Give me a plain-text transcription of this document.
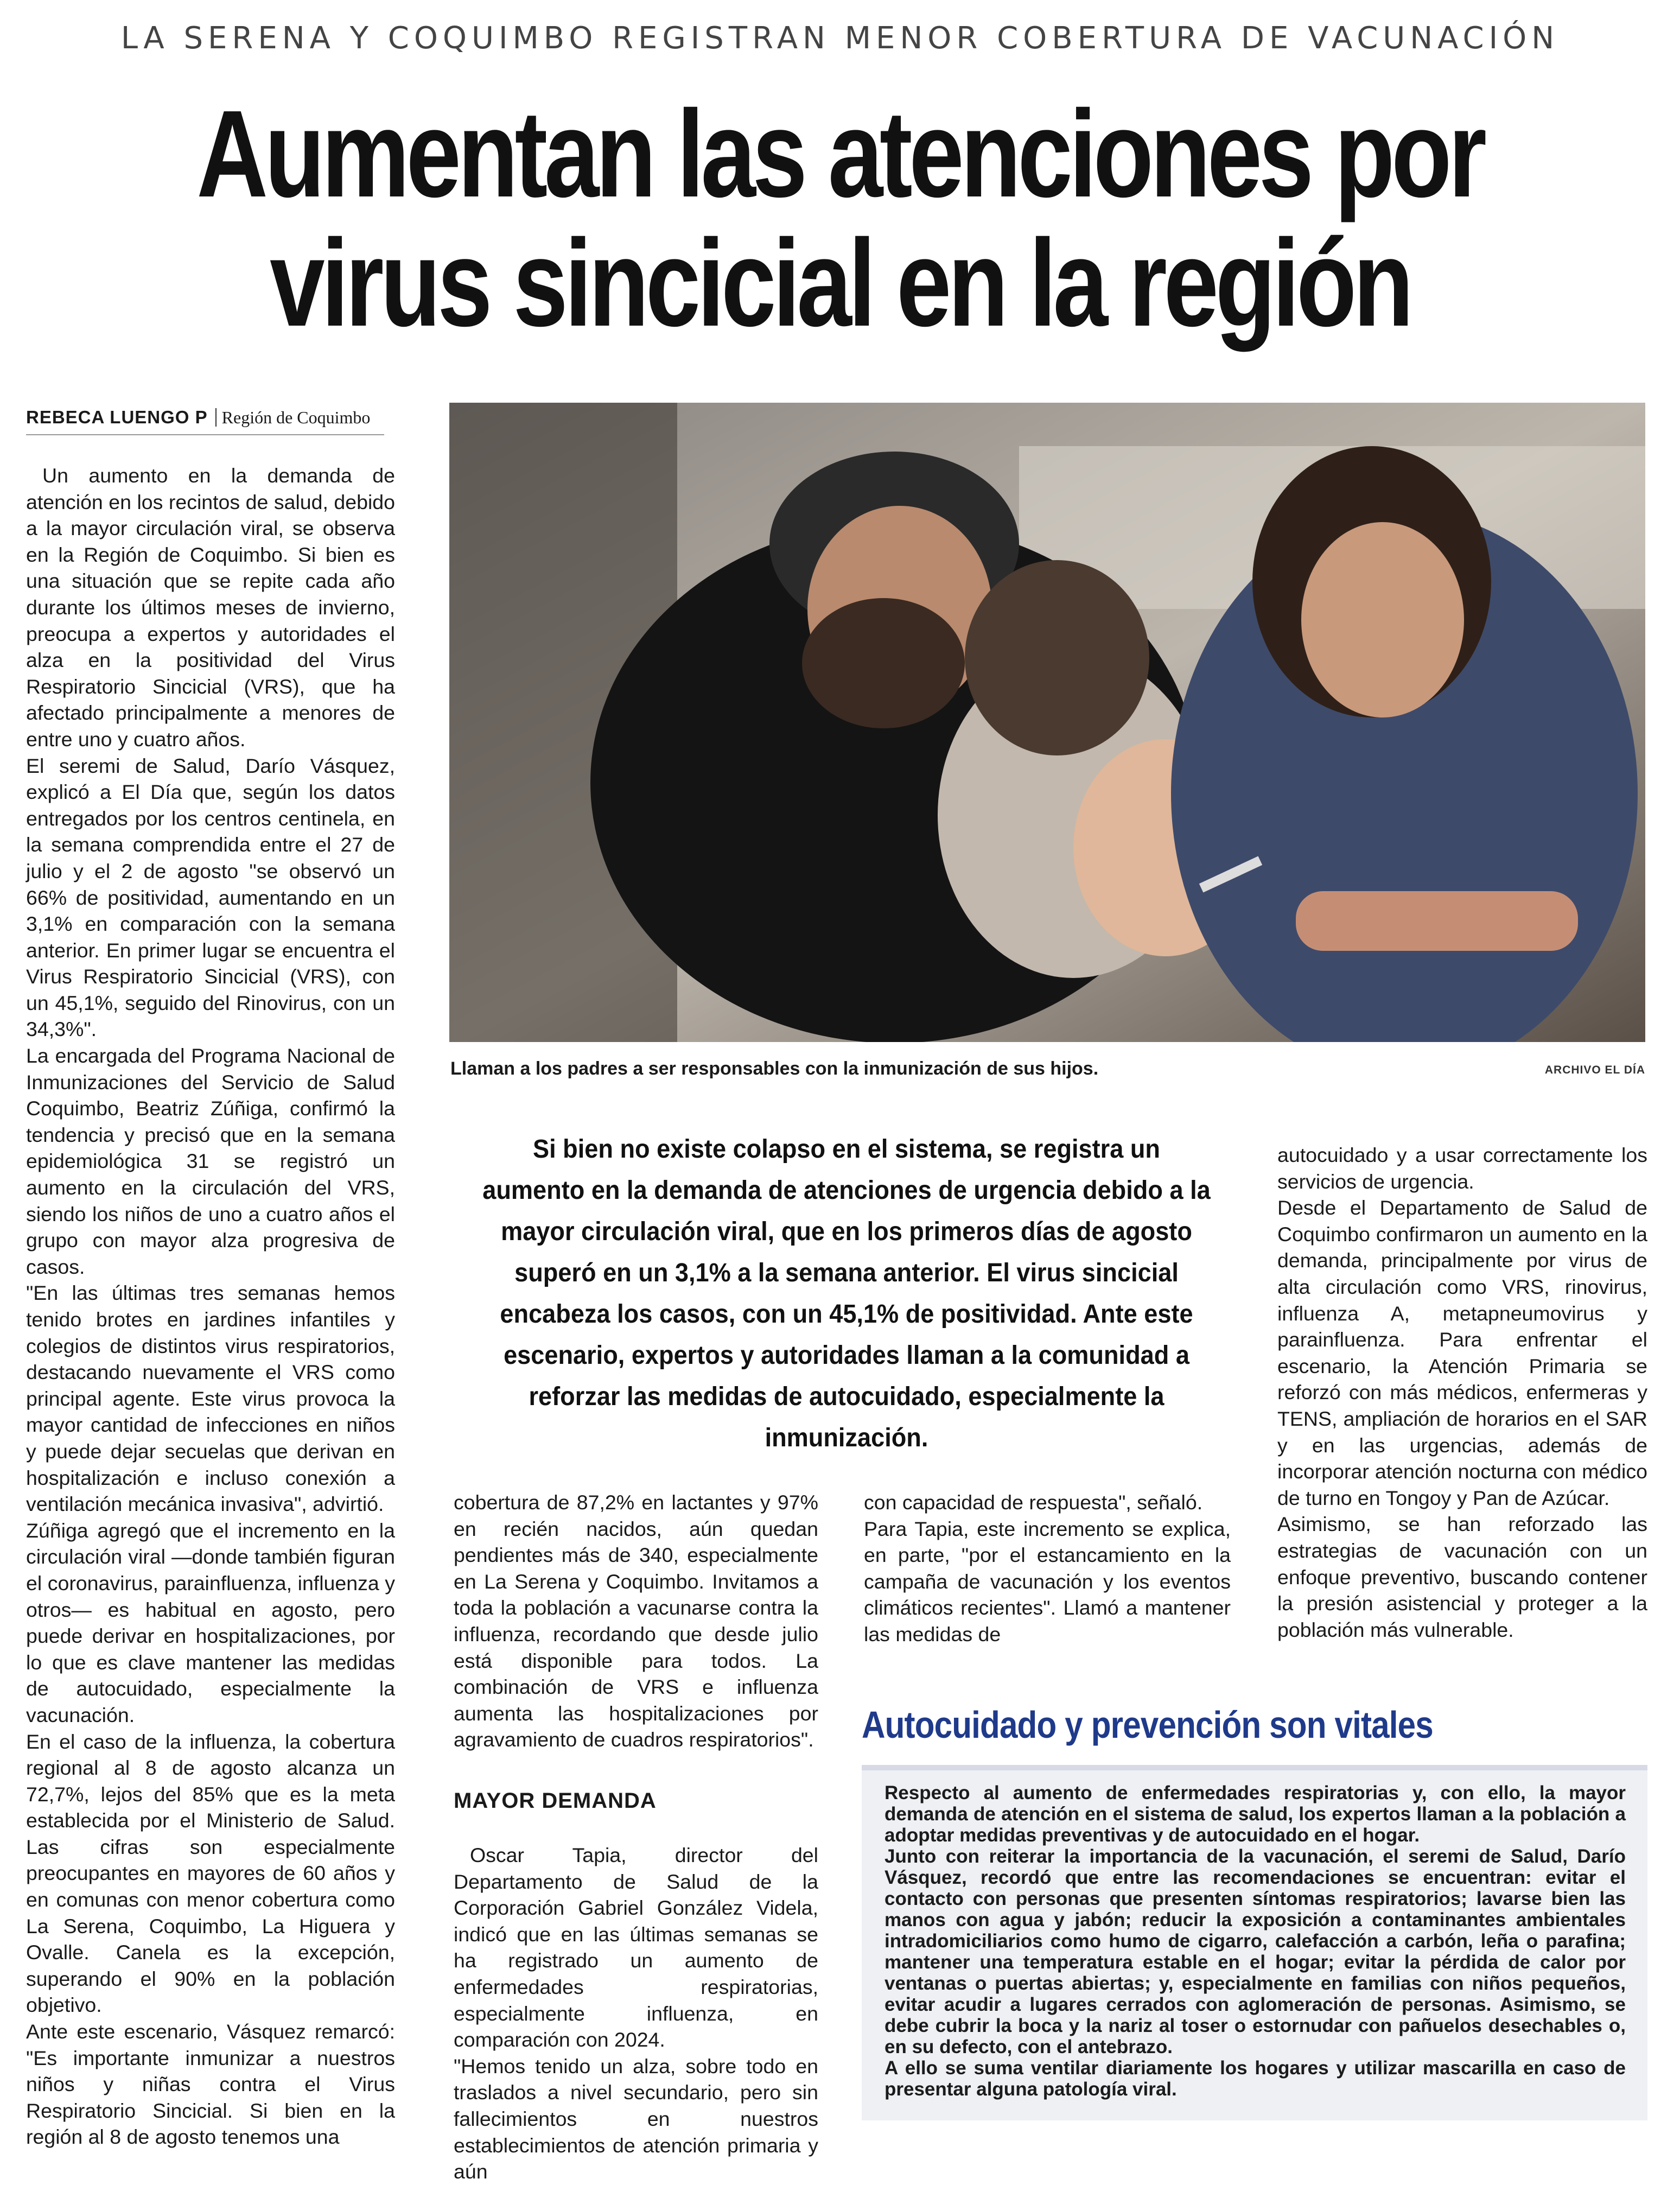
LA SERENA Y COQUIMBO REGISTRAN MENOR COBERTURA DE VACUNACIÓN
Aumentan las atenciones por
virus sincicial en la región
REBECA LUENGO P Región de Coquimbo

Un aumento en la demanda de atención en los recintos de salud, debido a la mayor circulación viral, se observa en la Región de Coquimbo. Si bien es una situación que se repite cada año durante los últimos meses de invierno, preocupa a expertos y autoridades el alza en la positividad del Virus Respiratorio Sincicial (VRS), que ha afectado principalmente a menores de entre uno y cuatro años.

El seremi de Salud, Darío Vásquez, explicó a El Día que, según los datos entregados por los centros centinela, en la semana comprendida entre el 27 de julio y el 2 de agosto "se observó un 66% de positividad, aumentando en un 3,1% en comparación con la semana anterior. En primer lugar se encuentra el Virus Respiratorio Sincicial (VRS), con un 45,1%, seguido del Rinovirus, con un 34,3%".

La encargada del Programa Nacional de Inmunizaciones del Servicio de Salud Coquimbo, Beatriz Zúñiga, confirmó la tendencia y precisó que en la semana epidemiológica 31 se registró un aumento en la circulación del VRS, siendo los niños de uno a cuatro años el grupo con mayor alza progresiva de casos.

"En las últimas tres semanas hemos tenido brotes en jardines infantiles y colegios de distintos virus respiratorios, destacando nuevamente el VRS como principal agente. Este virus provoca la mayor cantidad de infecciones en niños y puede dejar secuelas que derivan en hospitalización e incluso conexión a ventilación mecánica invasiva", advirtió.

Zúñiga agregó que el incremento en la circulación viral —donde también figuran el coronavirus, parainfluenza, influenza y otros— es habitual en agosto, pero puede derivar en hospitalizaciones, por lo que es clave mantener las medidas de autocuidado, especialmente la vacunación.

En el caso de la influenza, la cobertura regional al 8 de agosto alcanza un 72,7%, lejos del 85% que es la meta establecida por el Ministerio de Salud. Las cifras son especialmente preocupantes en mayores de 60 años y en comunas con menor cobertura como La Serena, Coquimbo, La Higuera y Ovalle. Canela es la excepción, superando el 90% en la población objetivo.

Ante este escenario, Vásquez remarcó: "Es importante inmunizar a nuestros niños y niñas contra el Virus Respiratorio Sincicial. Si bien en la región al 8 de agosto tenemos una

Llaman a los padres a ser responsables con la inmunización de sus hijos.	ARCHIVO EL DÍA
Si bien no existe colapso en el sistema, se registra un aumento en la demanda de atenciones de urgencia debido a la mayor circulación viral, que en los primeros días de agosto superó en un 3,1% a la semana anterior. El virus sincicial encabeza los casos, con un 45,1% de positividad. Ante este escenario, expertos y autoridades llaman a la comunidad a reforzar las medidas de autocuidado, especialmente la inmunización.

cobertura de 87,2% en lactantes y 97% en recién nacidos, aún quedan pendientes más de 340, especialmente en La Serena y Coquimbo. Invitamos a toda la población a vacunarse contra la influenza, recordando que desde julio está disponible para todos. La combinación de VRS e influenza aumenta las hospitalizaciones por agravamiento de cuadros respiratorios".

MAYOR DEMANDA

Oscar Tapia, director del Departamento de Salud de la Corporación Gabriel González Videla, indicó que en las últimas semanas se ha registrado un aumento de enfermedades respiratorias, especialmente influenza, en comparación con 2024.

"Hemos tenido un alza, sobre todo en traslados a nivel secundario, pero sin fallecimientos en nuestros establecimientos de atención primaria y aún

con capacidad de respuesta", señaló.

Para Tapia, este incremento se explica, en parte, "por el estancamiento en la campaña de vacunación y los eventos climáticos recientes". Llamó a mantener las medidas de

autocuidado y a usar correctamente los servicios de urgencia.

Desde el Departamento de Salud de Coquimbo confirmaron un aumento en la demanda, principalmente por virus de alta circulación como VRS, rinovirus, influenza A, metapneumovirus y parainfluenza. Para enfrentar el escenario, la Atención Primaria se reforzó con más médicos, enfermeras y TENS, ampliación de horarios en el SAR y en las urgencias, además de incorporar atención nocturna con médico de turno en Tongoy y Pan de Azúcar.

Asimismo, se han reforzado las estrategias de vacunación con un enfoque preventivo, buscando contener la presión asistencial y proteger a la población más vulnerable.

Autocuidado y prevención son vitales

Respecto al aumento de enfermedades respiratorias y, con ello, la mayor demanda de atención en el sistema de salud, los expertos llaman a la población a adoptar medidas preventivas y de autocuidado en el hogar.

Junto con reiterar la importancia de la vacunación, el seremi de Salud, Darío Vásquez, recordó que entre las recomendaciones se encuentran: evitar el contacto con personas que presenten síntomas respiratorios; lavarse bien las manos con agua y jabón; reducir la exposición a contaminantes ambientales intradomiciliarios como humo de cigarro, calefacción a carbón, leña o parafina; mantener una temperatura estable en el hogar; evitar la pérdida de calor por ventanas o puertas abiertas; y, especialmente en familias con niños pequeños, evitar acudir a lugares cerrados con aglomeración de personas. Asimismo, se debe cubrir la boca y la nariz al toser o estornudar con pañuelos desechables o, en su defecto, con el antebrazo.

A ello se suma ventilar diariamente los hogares y utilizar mascarilla en caso de presentar alguna patología viral.
